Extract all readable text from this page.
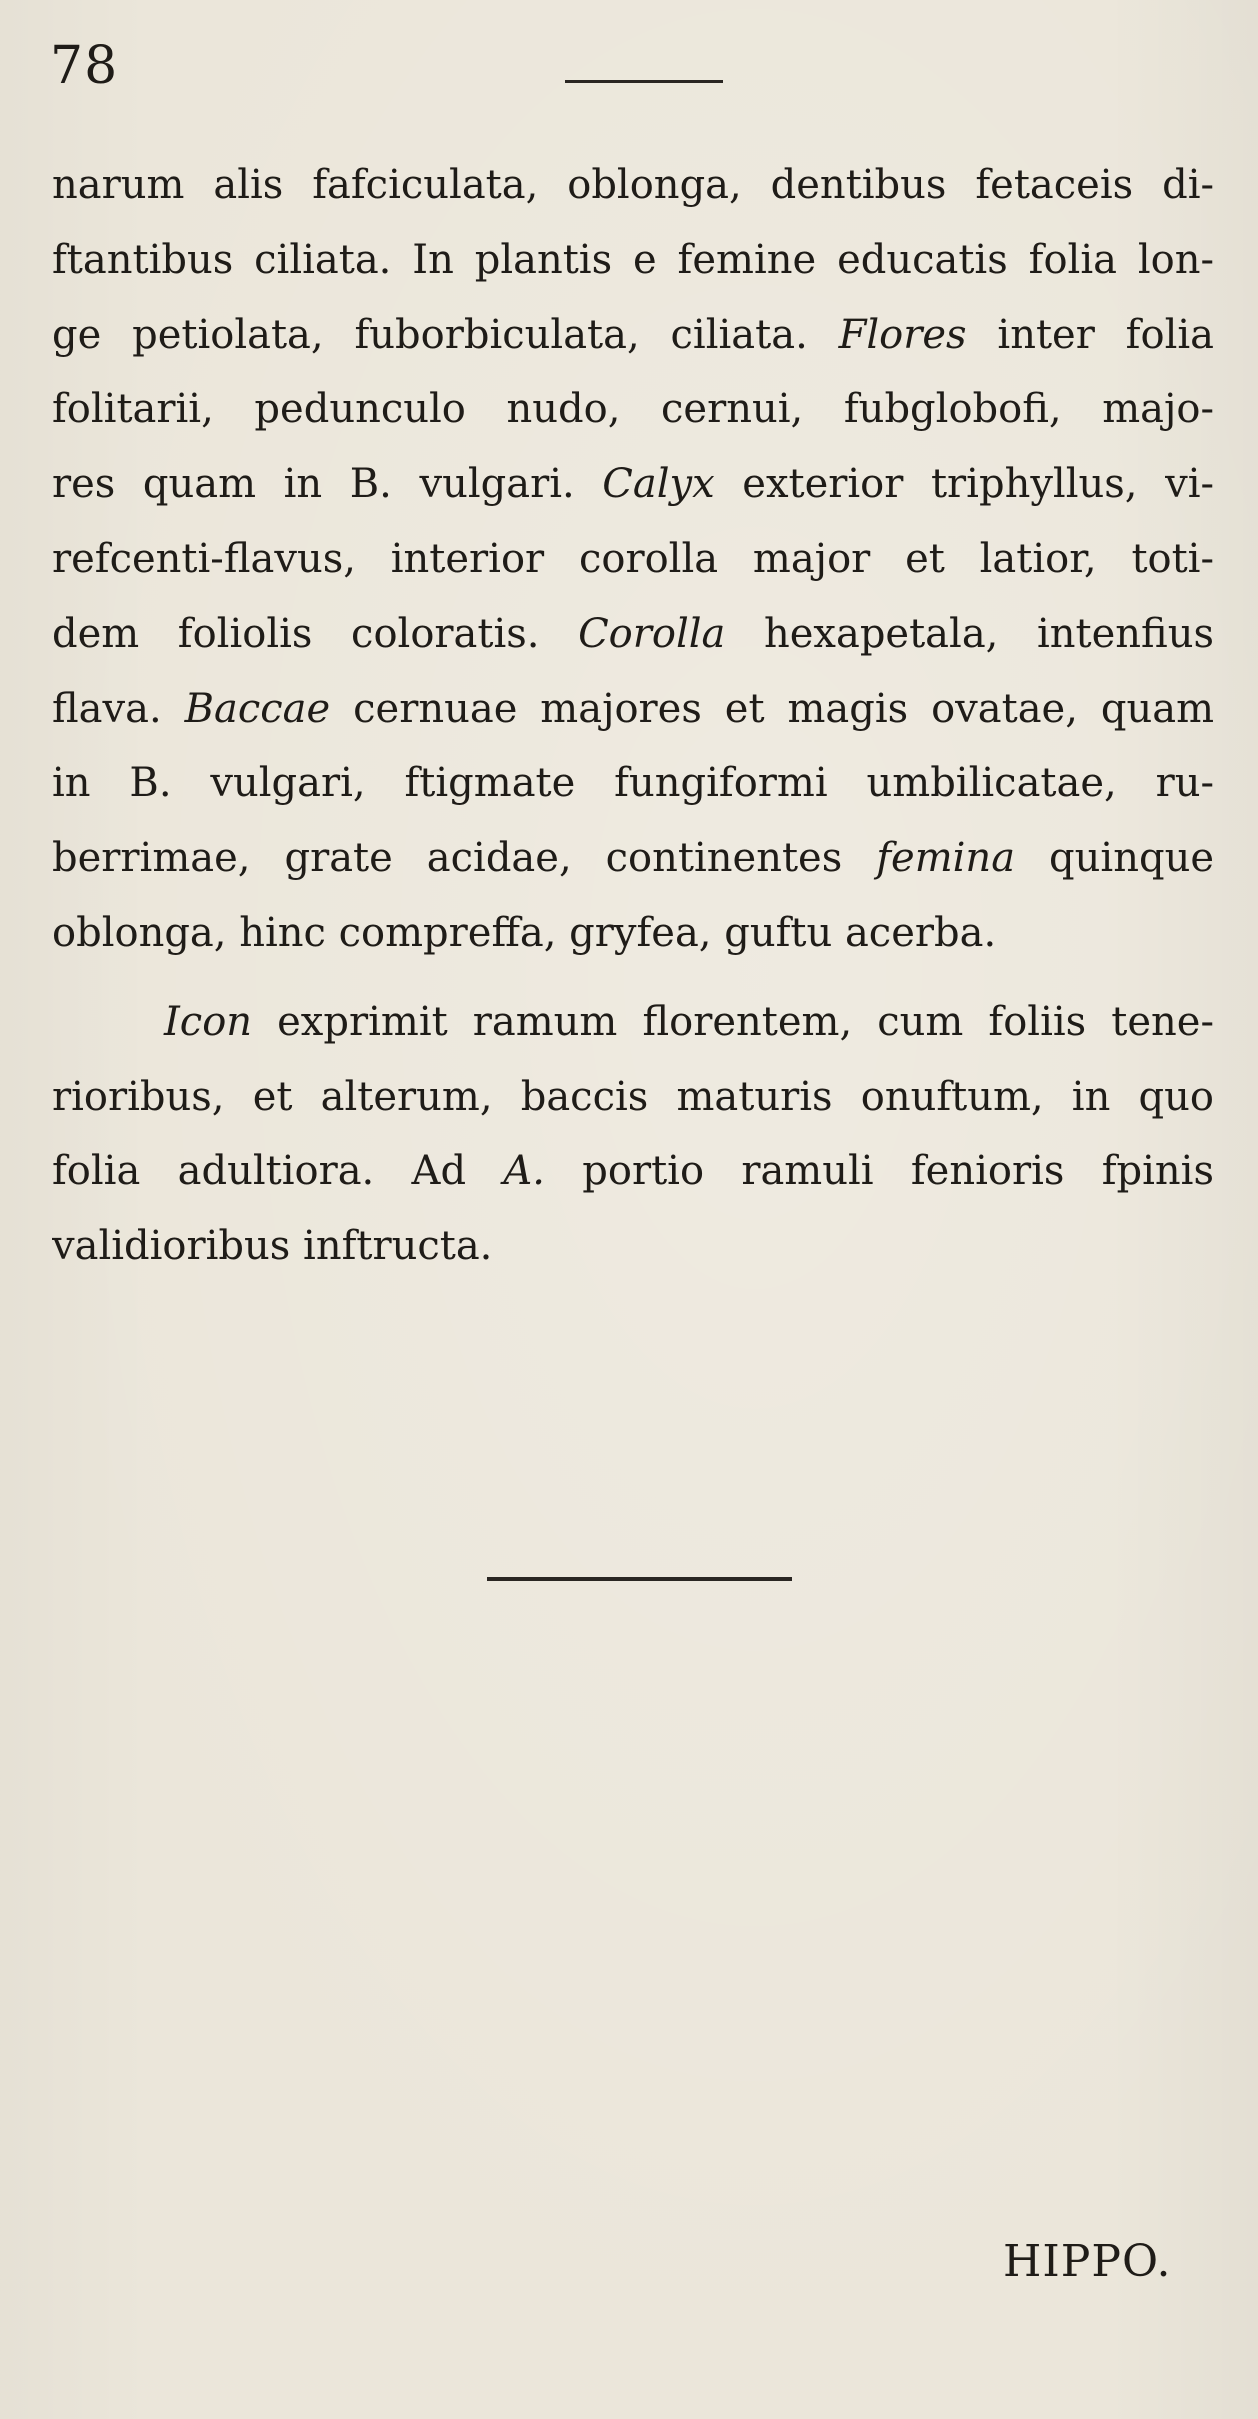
78
narum alis fafciculata, oblonga, dentibus fetaceis di-
ftantibus ciliata. In plantis e femine educatis folia lon-
ge petiolata, fuborbiculata, ciliata. Flores inter folia
folitarii, pedunculo nudo, cernui, fubglobofi, majo-
res quam in B. vulgari. Calyx exterior triphyllus, vi-
refcenti-flavus, interior corolla major et latior, toti-
dem foliolis coloratis. Corolla hexapetala, intenfius
flava. Baccae cernuae majores et magis ovatae, quam
in B. vulgari, ftigmate fungiformi umbilicatae, ru-
berrimae, grate acidae, continentes femina quinque
oblonga, hinc compreffa, gryfea, guftu acerba.
Icon exprimit ramum florentem, cum foliis tene-
rioribus, et alterum, baccis maturis onuftum, in quo
folia adultiora. Ad A. portio ramuli fenioris fpinis
validioribus inftructa.
HIPPO.
